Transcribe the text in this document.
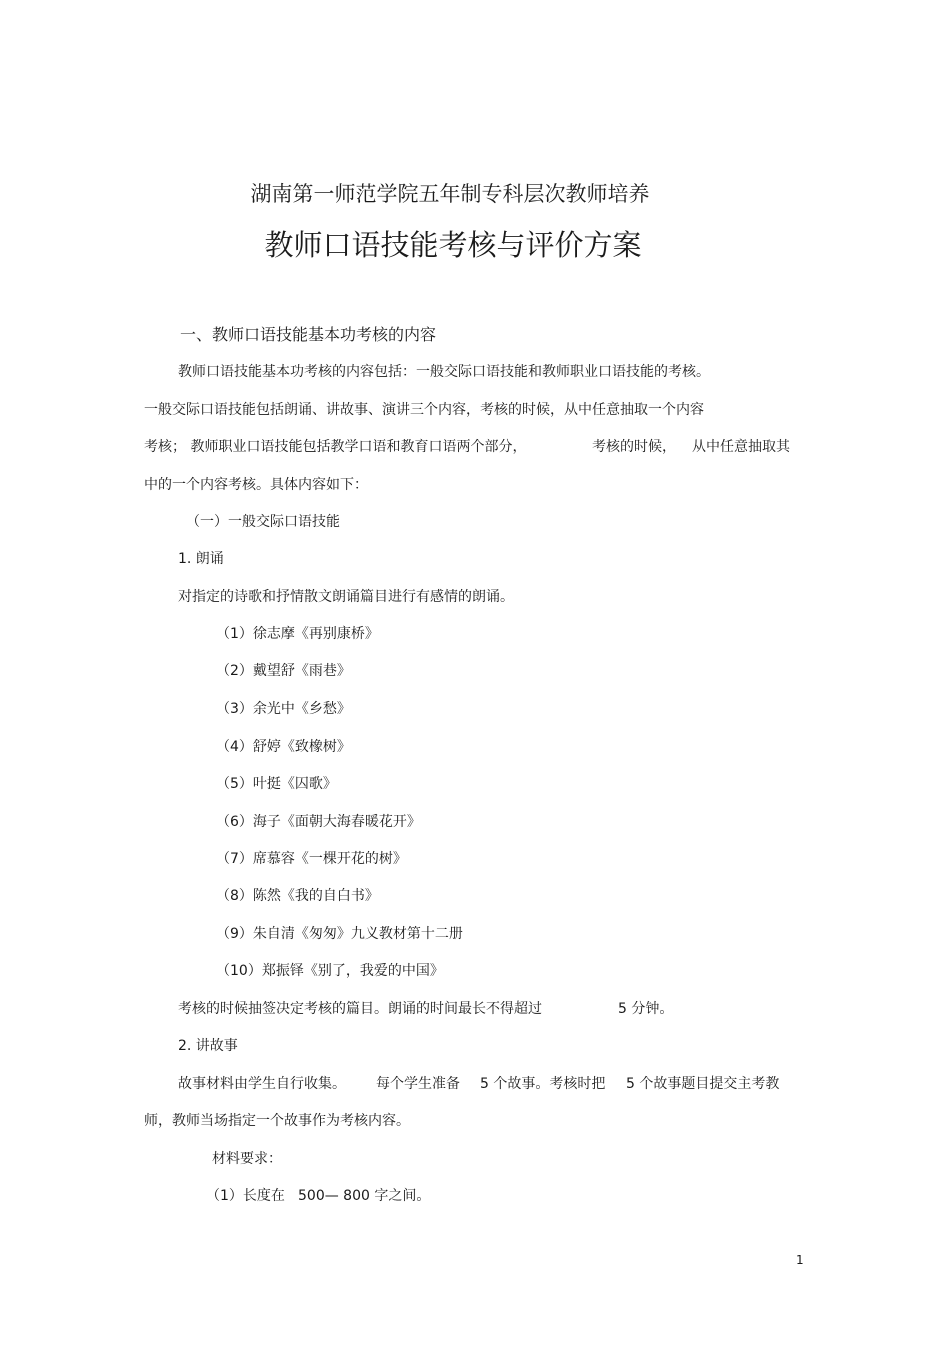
湖南第一师范学院五年制专科层次教师培养
教师口语技能考核与评价方案
一、教师口语技能基本功考核的内容
教师口语技能基本功考核的内容包括：一般交际口语技能和教师职业口语技能的考核。
一般交际口语技能包括朗诵、讲故事、演讲三个内容，考核的时候，从中任意抽取一个内容
考核； 教师职业口语技能包括教学口语和教育口语两个部分，	考核的时候， 从中任意抽取其
中的一个内容考核。具体内容如下：
（一）一般交际口语技能
1. 朗诵
对指定的诗歌和抒情散文朗诵篇目进行有感情的朗诵。
（1）徐志摩《再别康桥》
（2）戴望舒《雨巷》
（3）余光中《乡愁》
（4）舒婷《致橡树》
（5）叶挺《囚歌》
（6）海子《面朝大海春暖花开》
（7）席慕容《一棵开花的树》
（8）陈然《我的自白书》
（9）朱自清《匆匆》九义教材第十二册
（10）郑振铎《别了，我爱的中国》
考核的时候抽签决定考核的篇目。朗诵的时间最长不得超过	5 分钟。
2. 讲故事
故事材料由学生自行收集。 每个学生准备 5 个故事。考核时把 5 个故事题目提交主考教
师，教师当场指定一个故事作为考核内容。
材料要求：
（1）长度在 500— 800 字之间。
1
